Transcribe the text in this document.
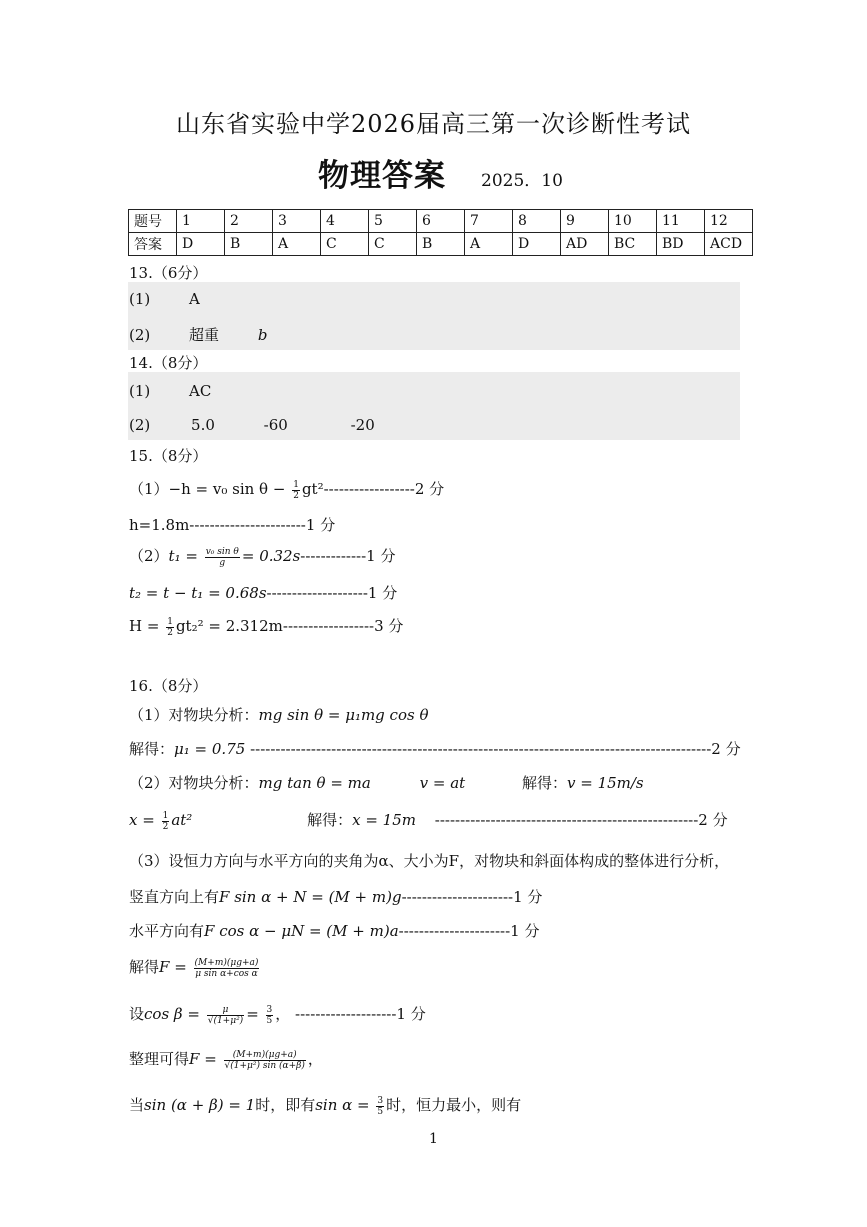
山东省实验中学2026届高三第一次诊断性考试
物理答案 2025．10
题号	1	2	3	4	5	6	7	8	9	10	11	12
答案	D	B	A	C	C	B	A	D	AD	BC	BD	ACD
13.（6分）
(1)	A
(2)	超重	b
14.（8分）
(1)	AC
(2)	5.0	-60	-20
15.（8分）
（1）−h = v₀ $\sin \theta - \frac{1}{2} gt^2------------------2$ 分
h=1.8m-----------------------1 分
$(2)t_1 = \frac{\text{v₀ sin θ}}{g} = 0.32s-------------1$ 分
t₂ = t − t₁ = 0.68s--------------------1 分
$H = \frac{1}{2} gt_2^2 = 2.312m------------------3$ 分
16.（8分）
（1）对物块分析：mg sin θ = μ₁mg cos θ
解得：μ₁ = 0.75 -------------------------------------------------------------------------------------------2 分
（2）对物块分析：mg tan θ = ma	v = at	解得：v = 15m/s
$x = \frac{1}{2} at^2$	解得：x = 15m ----------------------------------------------------2 分
（3）设恒力方向与水平方向的夹角为α、大小为F，对物块和斜面体构成的整体进行分析，
竖直方向上有F sin α + N = (M + m)g----------------------1 分
水平方向有F cos α − μN = (M + m)a----------------------1 分
解得$F = \frac{(M+m)(\mu g+a)}{\text{μ sin α+cos α}}$
设$\cos \beta = \frac{\mu}{\text{√(1+μ²)}} = \frac{3}{5}$ ， --------------------1 分
整理可得$F = \frac{(M+m)(\mu g+a)}{\text{√(1+μ²) sin (α+β)}}$ ，
当sin (α + β) = 1时，即有$\sin \alpha = \frac{3}{5}$ 时，恒力最小，则有
1
